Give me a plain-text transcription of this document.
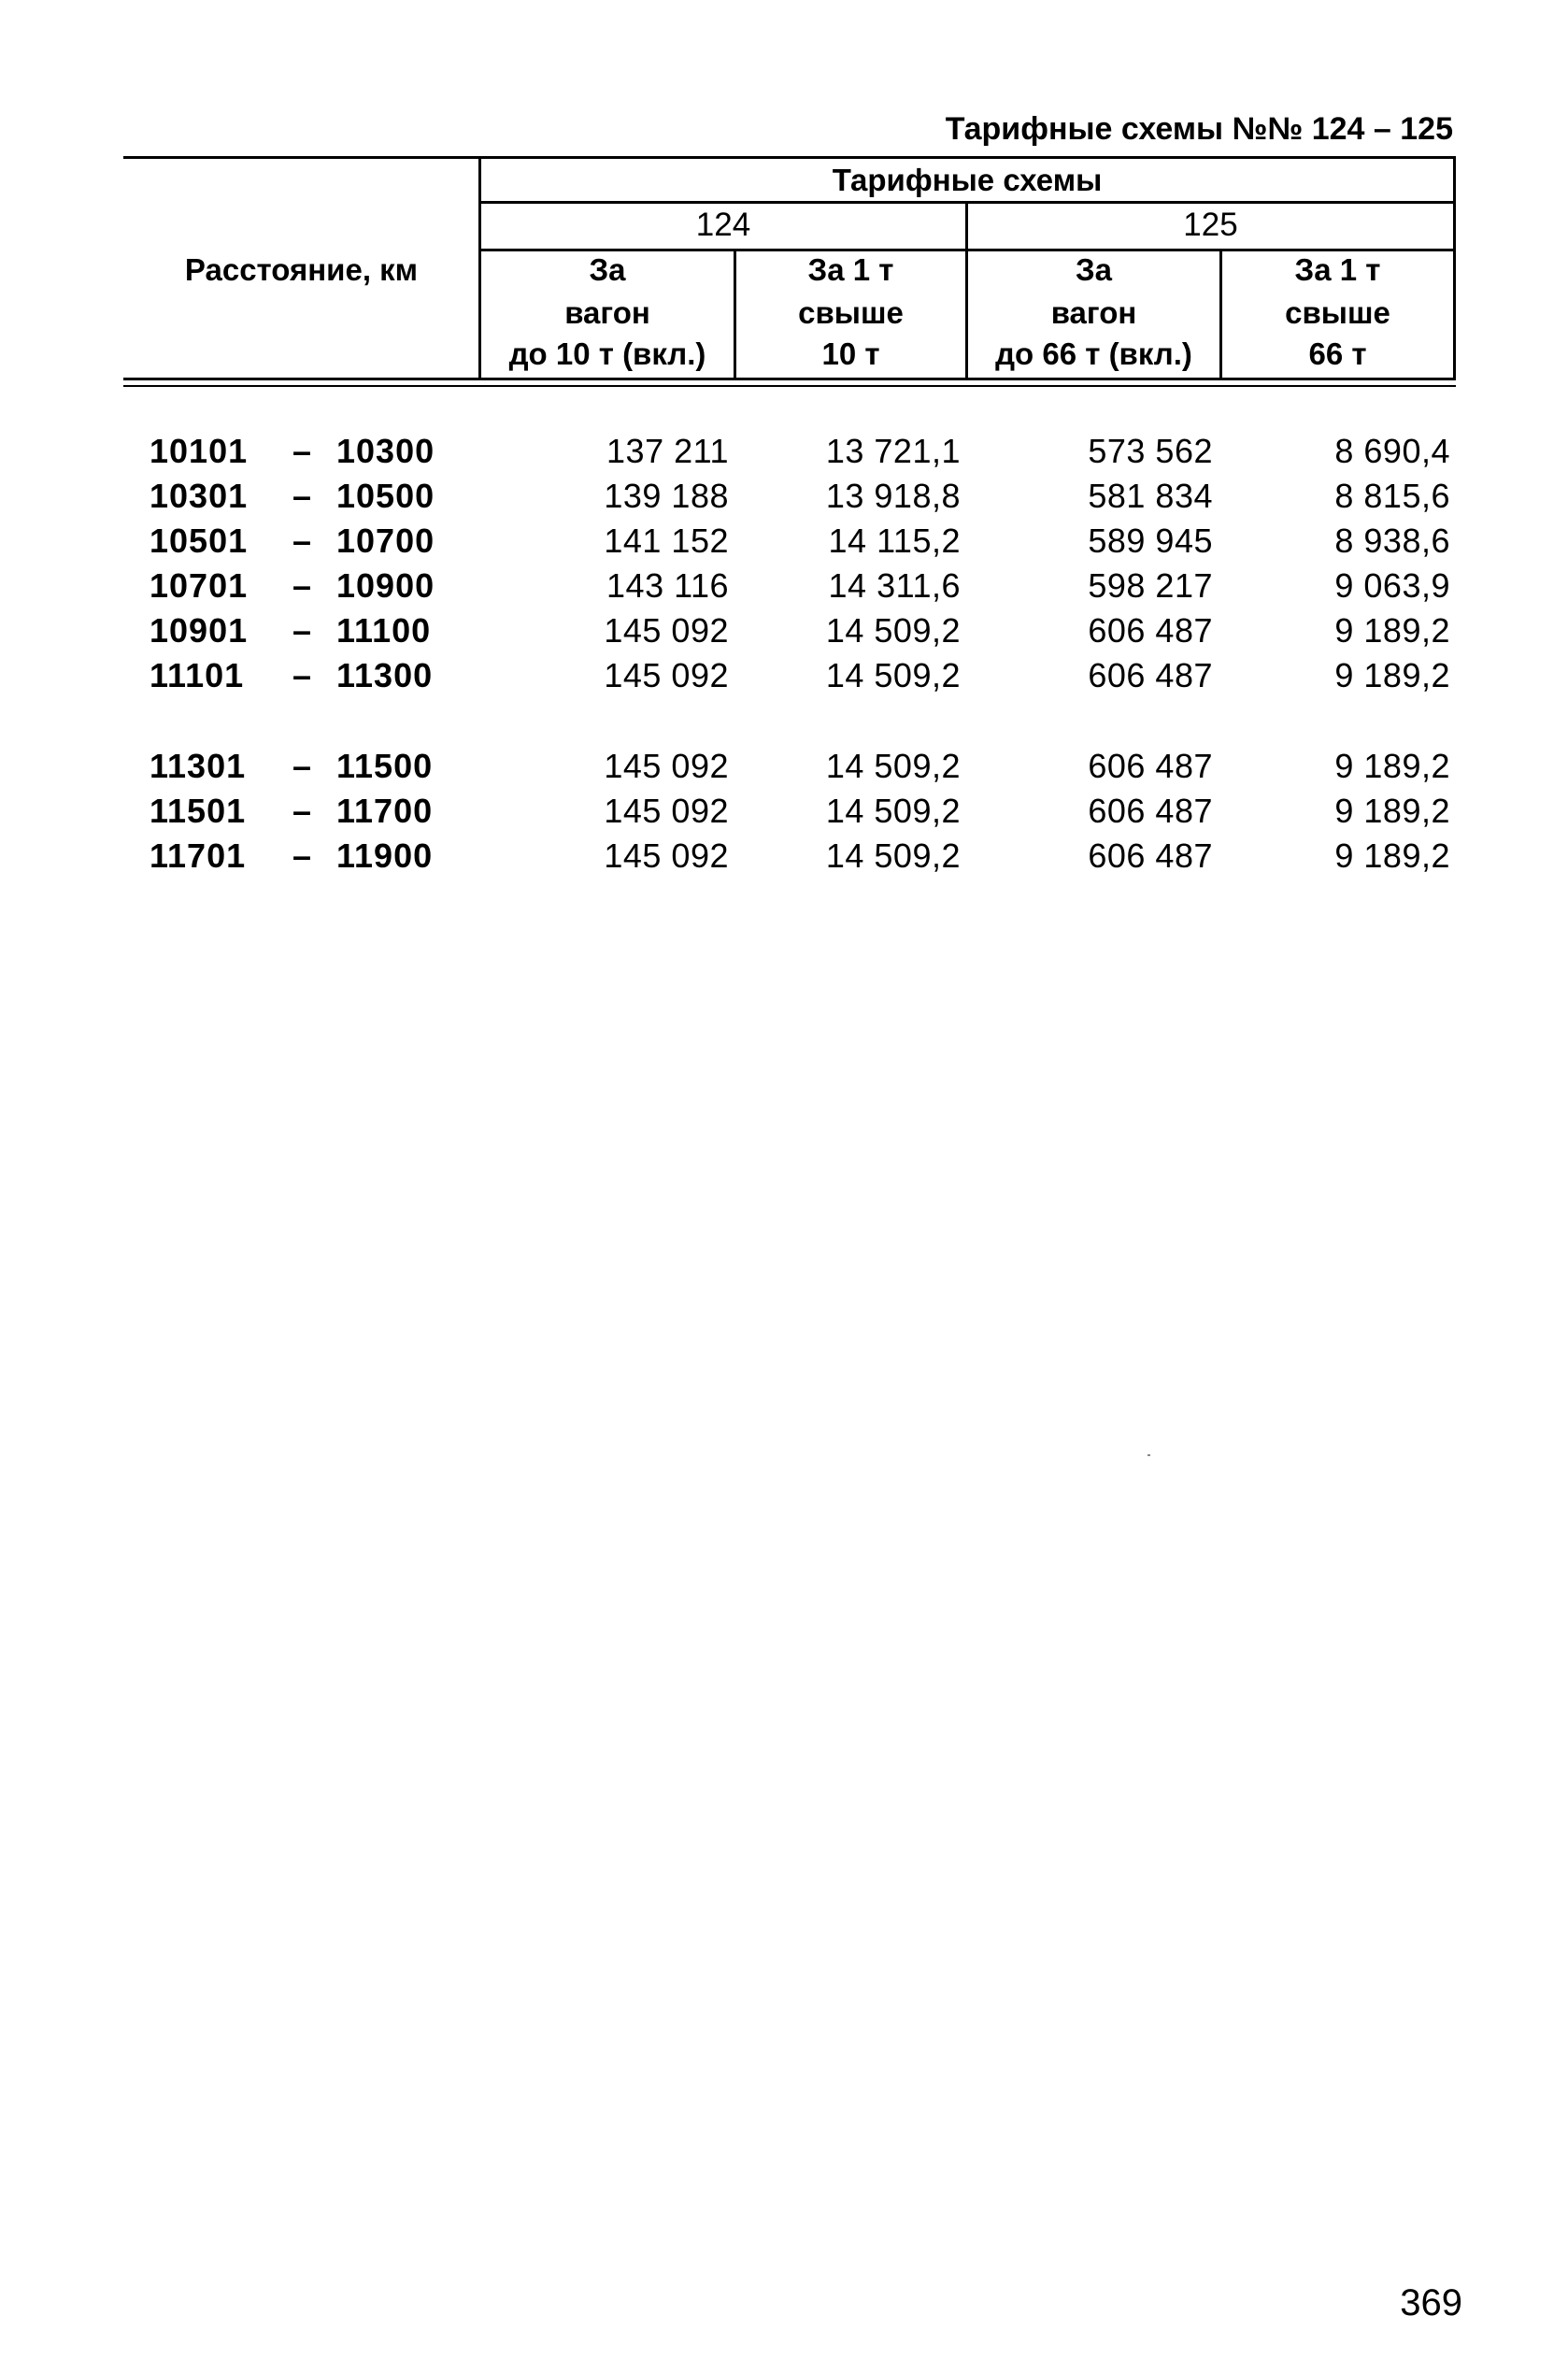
Тарифные схемы №№ 124 – 125
Расстояние, км
Тарифные схемы
124	125
За
вагон
до 10 т (вкл.)
За 1 т
свыше
10 т
За
вагон
до 66 т (вкл.)
За 1 т
свыше
66 т
10101	– 10300	137 211	13 721,1	573 562	8 690,4
10301	– 10500	139 188	13 918,8	581 834	8 815,6
10501	– 10700	141 152	14 115,2	589 945	8 938,6
10701	– 10900	143 116	14 311,6	598 217	9 063,9
10901	– 11100	145 092	14 509,2	606 487	9 189,2
11101	– 11300	145 092	14 509,2	606 487	9 189,2
11301	– 11500	145 092	14 509,2	606 487	9 189,2
11501	– 11700	145 092	14 509,2	606 487	9 189,2
11701	– 11900	145 092	14 509,2	606 487	9 189,2
369
